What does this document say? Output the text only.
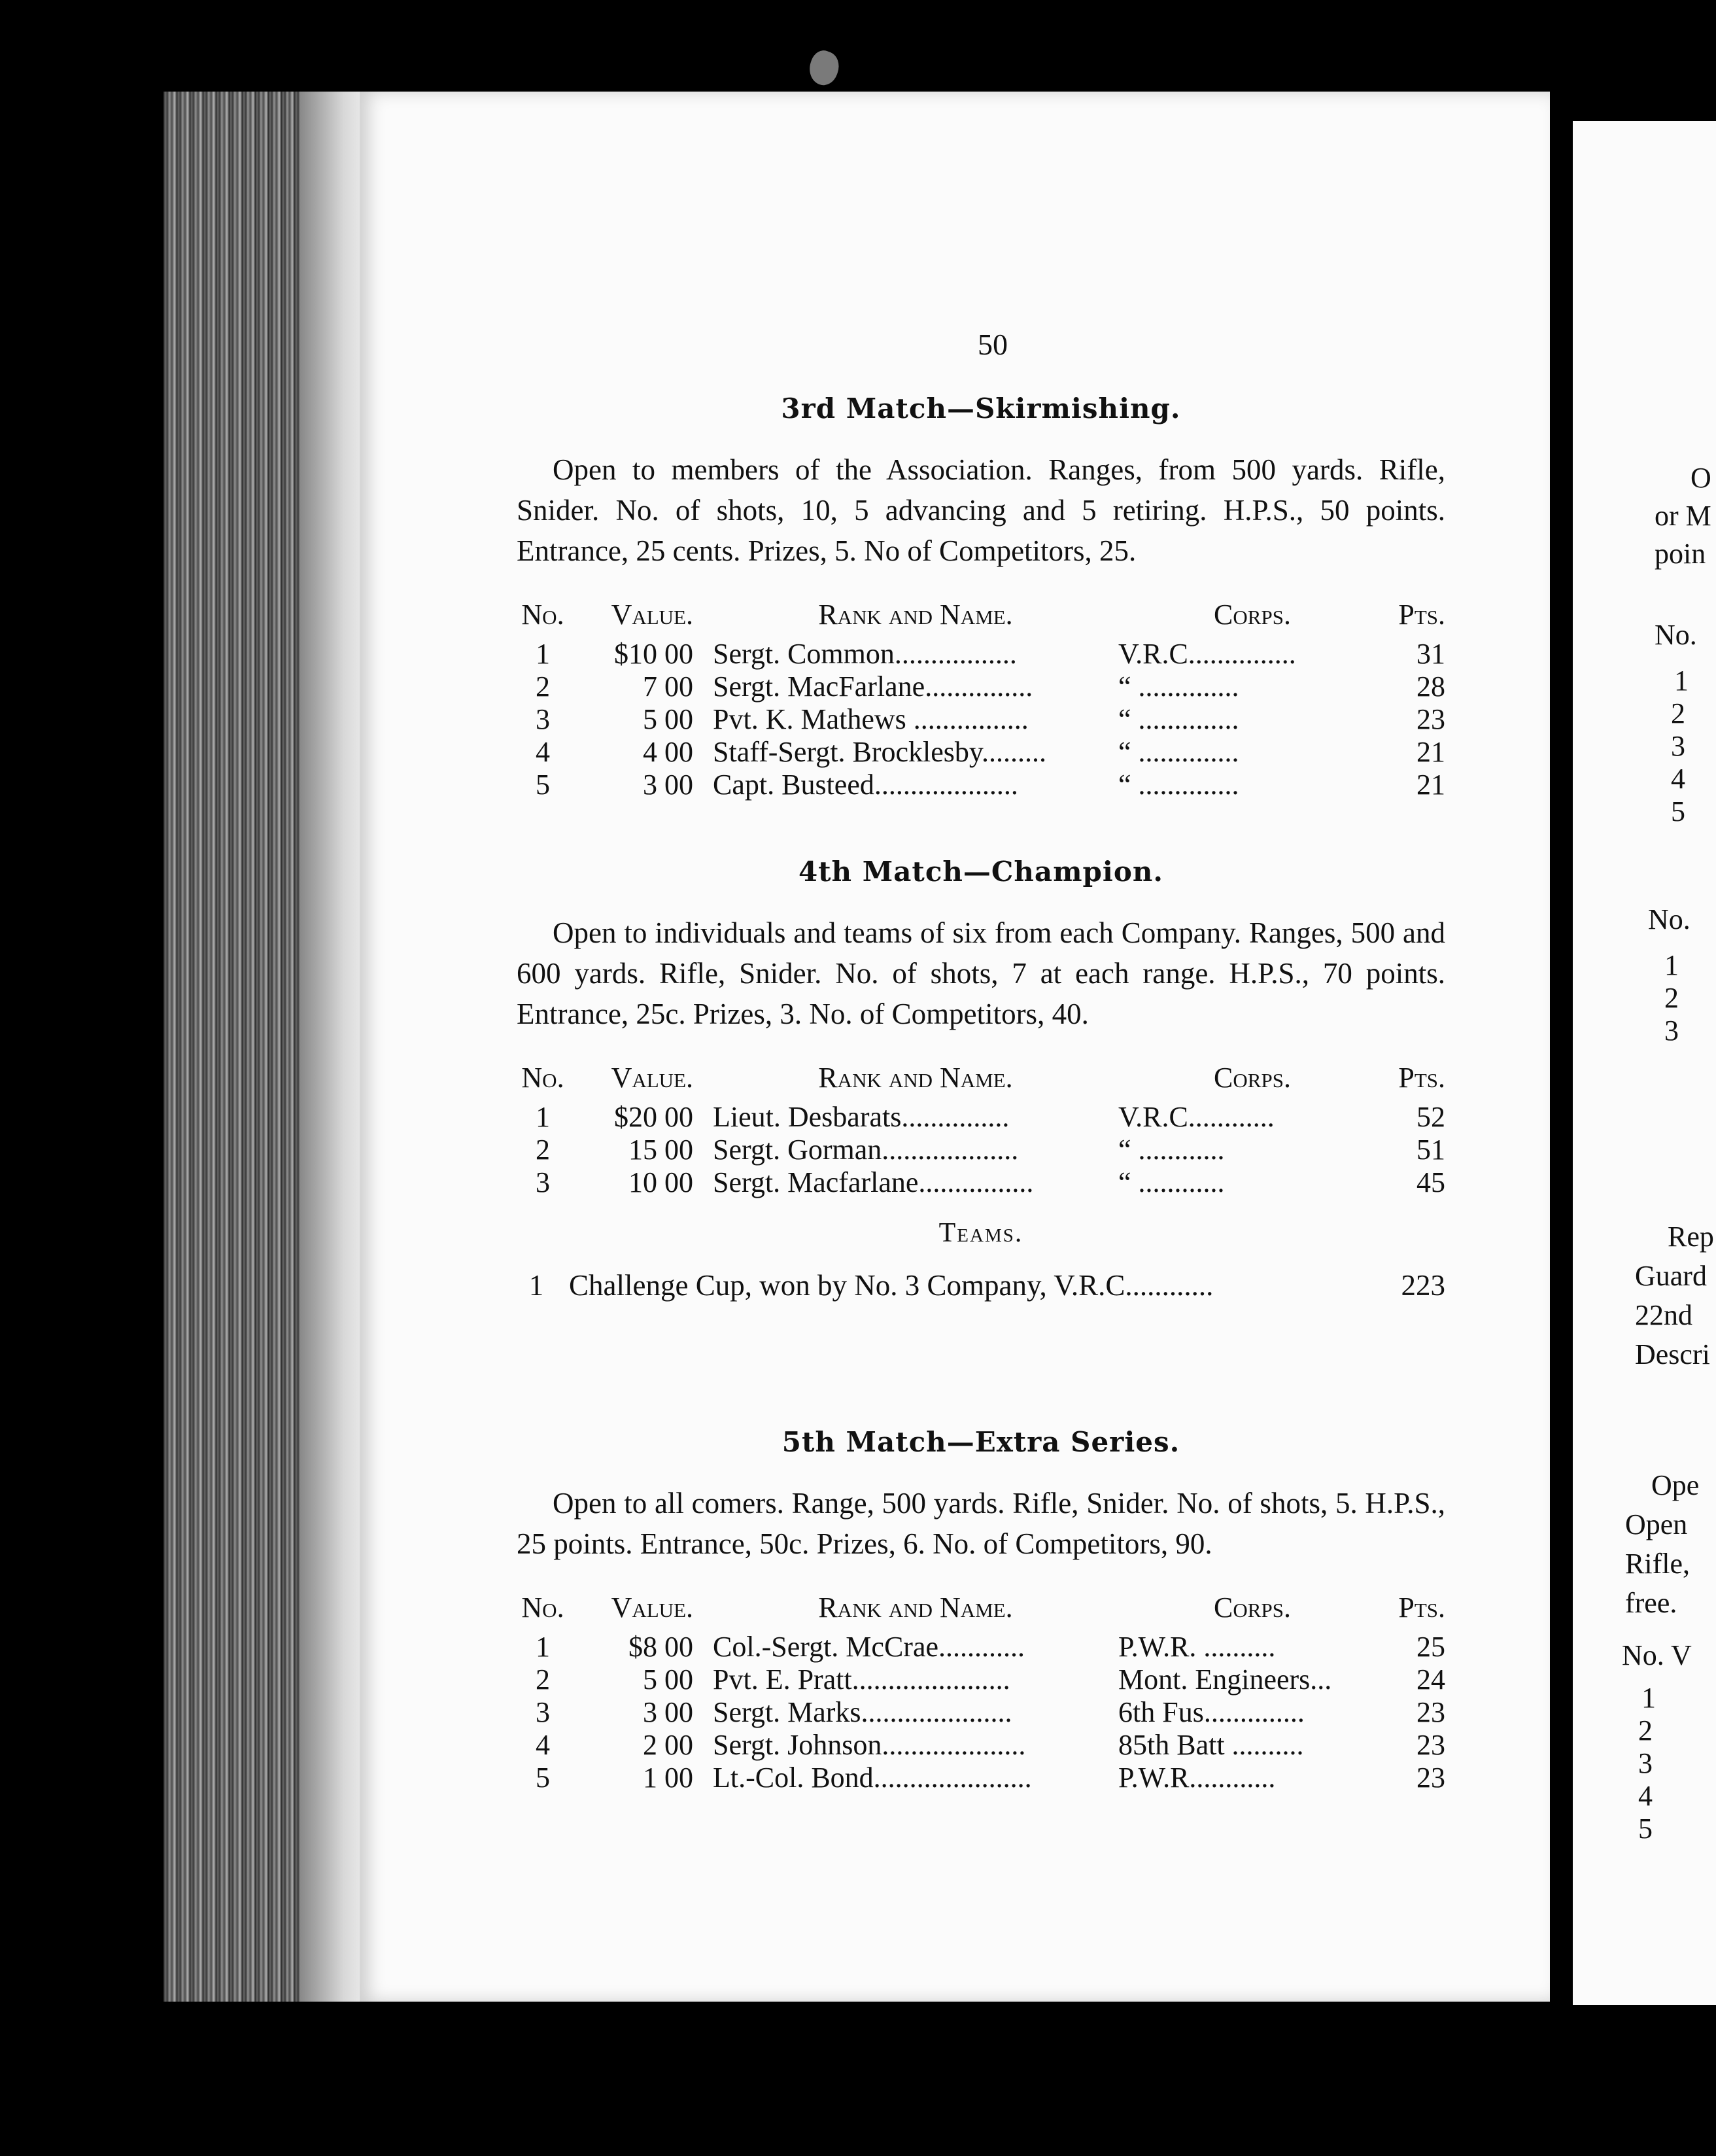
50
3rd Match—Skirmishing.
Open to members of the Association. Ranges, from 500 yards. Rifle, Snider. No. of shots, 10, 5 advancing and 5 retiring. H.P.S., 50 points. Entrance, 25 cents. Prizes, 5. No of Competitors, 25.
No.	Value.	Rank and Name.	Corps.	Pts.
1	$10 00	Sergt. Common.................	V.R.C...............	31
2	7 00	Sergt. MacFarlane...............	“ ..............	28
3	5 00	Pvt. K. Mathews ................	“ ..............	23
4	4 00	Staff-Sergt. Brocklesby.........	“ ..............	21
5	3 00	Capt. Busteed....................	“ ..............	21
4th Match—Champion.
Open to individuals and teams of six from each Company. Ranges, 500 and 600 yards. Rifle, Snider. No. of shots, 7 at each range. H.P.S., 70 points. Entrance, 25c. Prizes, 3. No. of Competitors, 40.
No.	Value.	Rank and Name.	Corps.	Pts.
1	$20 00	Lieut. Desbarats...............	V.R.C............	52
2	15 00	Sergt. Gorman...................	“ ............	51
3	10 00	Sergt. Macfarlane................	“ ............	45
Teams.
1 Challenge Cup, won by No. 3 Company, V.R.C............	223
5th Match—Extra Series.
Open to all comers. Range, 500 yards. Rifle, Snider. No. of shots, 5. H.P.S., 25 points. Entrance, 50c. Prizes, 6. No. of Competitors, 90.
No.	Value.	Rank and Name.	Corps.	Pts.
1	$8 00	Col.-Sergt. McCrae............	P.W.R. ..........	25
2	5 00	Pvt. E. Pratt......................	Mont. Engineers...	24
3	3 00	Sergt. Marks.....................	6th Fus..............	23
4	2 00	Sergt. Johnson....................	85th Batt ..........	23
5	1 00	Lt.-Col. Bond......................	P.W.R............	23
O
or M
poin
No.
1
2
3
4
5
No.
1
2
3
Rep
Guard
22nd
Descri
Ope
Open
Rifle,
free.
No. V
1
2
3
4
5
